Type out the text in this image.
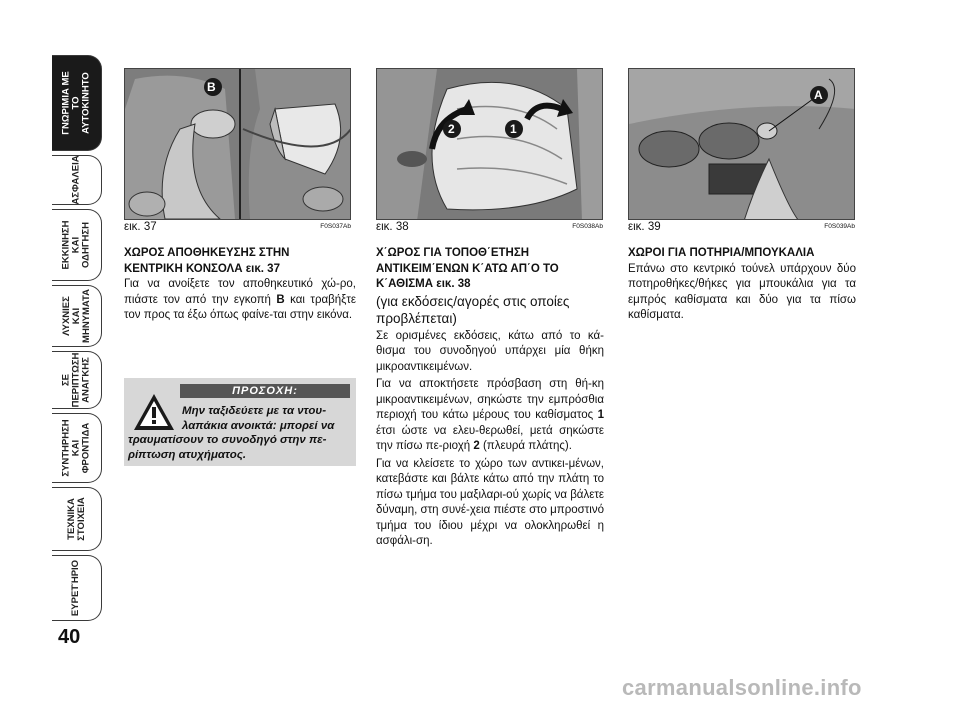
ΓΝΩΡΙΜΙΑ ΜΕ ΤΟ ΑΥΤΟΚΙΝΗΤΟ
ΑΣΦΑΛΕΙΑ
ΕΚΚΙΝΗΣΗ ΚΑΙ ΟΔΗΓΗΣΗ
ΛΥΧΝΙΕΣ ΚΑΙ ΜΗΝΥΜΑΤΑ
ΣΕ ΠΕΡΙΠΤΩΣΗ ΑΝΑΓΚΗΣ
ΣΥΝΤΗΡΗΣΗ ΚΑΙ ΦΡΟΝΤΙΔΑ
ΤΕΧΝΙΚΑ ΣΤΟΙΧΕΙΑ
ΕΥΡΕΤΉΡΙΟ
40
B
εικ. 37	F0S037Ab
2	1
εικ. 38	F0S038Ab
A
εικ. 39	F0S039Ab
ΧΩΡΟΣ ΑΠΟΘΗΚΕΥΣΗΣ ΣΤΗΝ
ΚΕΝΤΡΙΚΗ ΚΟΝΣΟΛΑ εικ. 37

Για να ανοίξετε τον αποθηκευτικό χώ-ρο, πιάστε τον από την εγκοπή B και τραβήξτε τον προς τα έξω όπως φαίνε-ται στην εικόνα.

ΠΡΟΣΟΧΗ:
Μην ταξιδεύετε με τα ντου-
λαπάκια ανοικτά: μπορεί να
τραυματίσουν το συνοδηγό στην πε-ρίπτωση ατυχήματος.
Χ΄ΩΡΟΣ ΓΙΑ ΤΟΠΟΘ΄ΕΤΗΣΗ
ΑΝΤΙΚΕΙΜ΄ΕΝΩΝ Κ΄ΑΤΩ ΑΠ΄Ο ΤΟ
Κ΄ΑΘΙΣΜΑ εικ. 38
(για εκδόσεις/αγορές στις οποίες προβλέπεται)

Σε ορισμένες εκδόσεις, κάτω από το κά-θισμα του συνοδηγού υπάρχει μία θήκη μικροαντικειμένων.

Για να αποκτήσετε πρόσβαση στη θή-κη μικροαντικειμένων, σηκώστε την εμπρόσθια περιοχή του κάτω μέρους του καθίσματος 1 έτσι ώστε να ελευ-θερωθεί, μετά σηκώστε την πίσω πε-ριοχή 2 (πλευρά πλάτης).

Για να κλείσετε το χώρο των αντικει-μένων, κατεβάστε και βάλτε κάτω από την πλάτη το πίσω τμήμα του μαξιλαρι-ού χωρίς να βάλετε δύναμη, στη συνέ-χεια πιέστε στο μπροστινό τμήμα του ίδιου μέχρι να ολοκληρωθεί η ασφάλι-ση.

ΧΩΡΟΙ ΓΙΑ ΠΟΤΗΡΙΑ/ΜΠΟΥΚΑΛΙΑ

Επάνω στο κεντρικό τούνελ υπάρχουν δύο ποτηροθήκες/θήκες για μπουκάλια για τα εμπρός καθίσματα και δύο για τα πίσω καθίσματα.

carmanualsonline.info
